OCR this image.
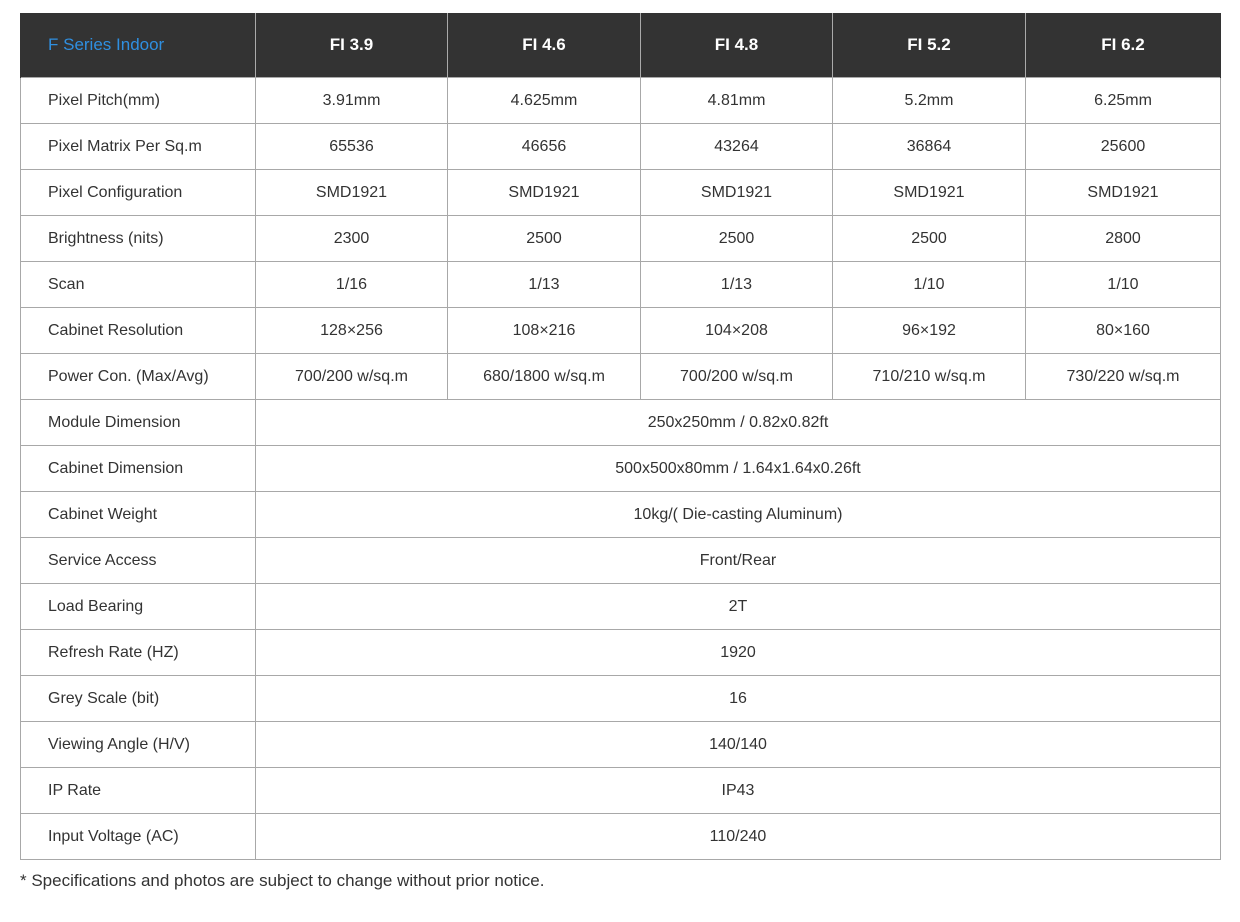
F Series Indoor	FI 3.9	FI 4.6	FI 4.8	FI 5.2	FI 6.2
Pixel Pitch(mm)	3.91mm	4.625mm	4.81mm	5.2mm	6.25mm
Pixel Matrix Per Sq.m	65536	46656	43264	36864	25600
Pixel Configuration	SMD1921	SMD1921	SMD1921	SMD1921	SMD1921
Brightness (nits)	2300	2500	2500	2500	2800
Scan	1/16	1/13	1/13	1/10	1/10
Cabinet Resolution	128×256	108×216	104×208	96×192	80×160
Power Con. (Max/Avg)	700/200 w/sq.m	680/1800 w/sq.m	700/200 w/sq.m	710/210 w/sq.m	730/220 w/sq.m
Module Dimension	250x250mm / 0.82x0.82ft				
Cabinet Dimension	500x500x80mm / 1.64x1.64x0.26ft				
Cabinet Weight	10kg/( Die-casting Aluminum)				
Service Access	Front/Rear				
Load Bearing	2T				
Refresh Rate (HZ)	1920				
Grey Scale (bit)	16				
Viewing Angle (H/V)	140/140				
IP Rate	IP43				
Input Voltage (AC)	110/240				
* Specifications and photos are subject to change without prior notice.
